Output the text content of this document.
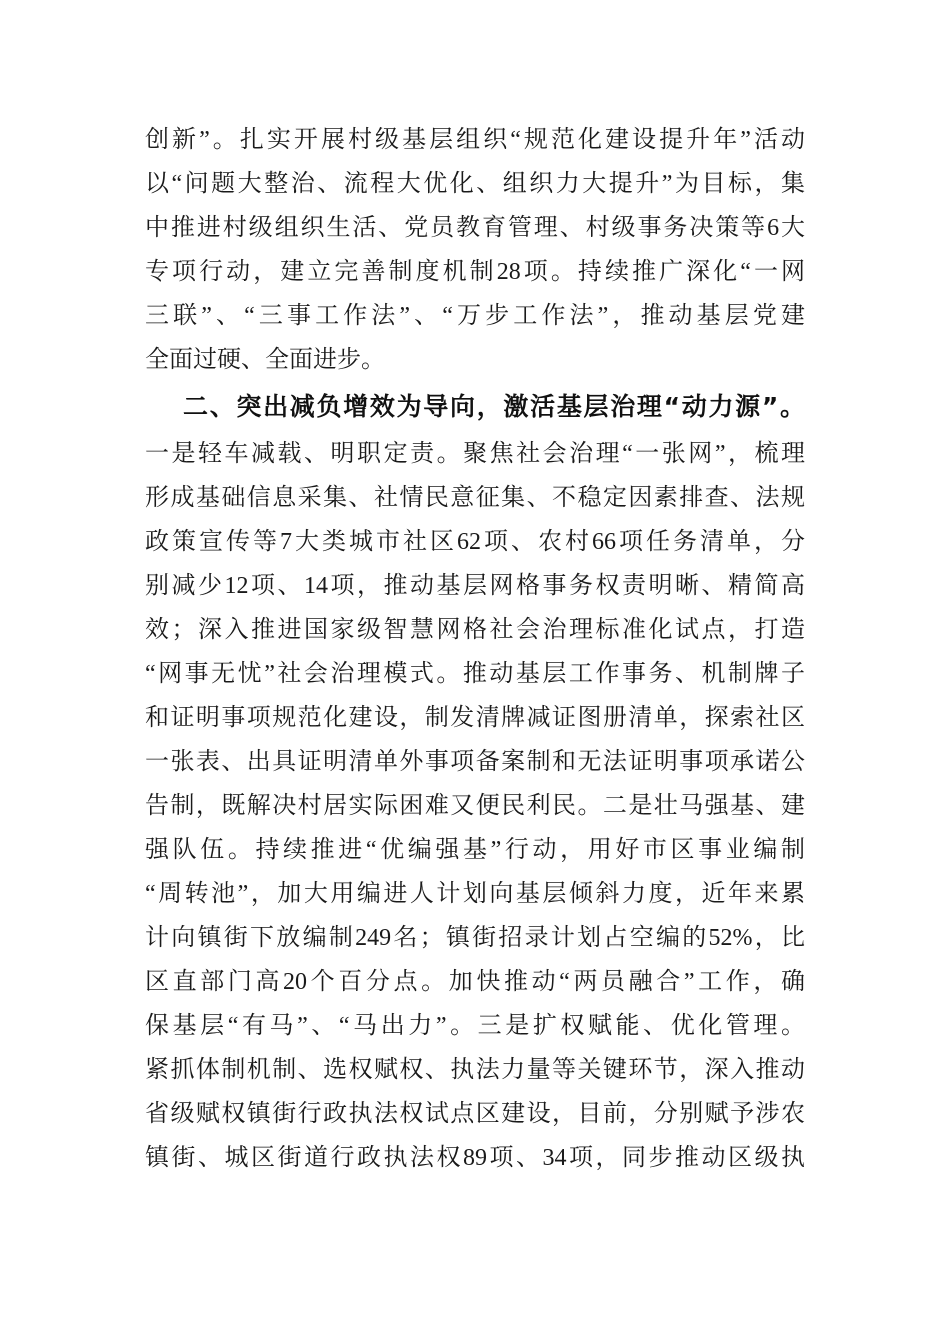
创新”。扎实开展村级基层组织“规范化建设提升年”活动
以“问题大整治、流程大优化、组织力大提升”为目标，集
中推进村级组织生活、党员教育管理、村级事务决策等6大
专项行动，建立完善制度机制28项。持续推广深化“一网
三联”、“三事工作法”、“万步工作法”，推动基层党建
全面过硬、全面进步。
二、突出减负增效为导向，激活基层治理“动力源”。
一是轻车减载、明职定责。聚焦社会治理“一张网”，梳理
形成基础信息采集、社情民意征集、不稳定因素排查、法规
政策宣传等7大类城市社区62项、农村66项任务清单，分
别减少12项、14项，推动基层网格事务权责明晰、精简高
效；深入推进国家级智慧网格社会治理标准化试点，打造
“网事无忧”社会治理模式。推动基层工作事务、机制牌子
和证明事项规范化建设，制发清牌减证图册清单，探索社区
一张表、出具证明清单外事项备案制和无法证明事项承诺公
告制，既解决村居实际困难又便民利民。二是壮马强基、建
强队伍。持续推进“优编强基”行动，用好市区事业编制
“周转池”，加大用编进人计划向基层倾斜力度，近年来累
计向镇街下放编制249名；镇街招录计划占空编的52%，比
区直部门高20个百分点。加快推动“两员融合”工作，确
保基层“有马”、“马出力”。三是扩权赋能、优化管理。
紧抓体制机制、选权赋权、执法力量等关键环节，深入推动
省级赋权镇街行政执法权试点区建设，目前，分别赋予涉农
镇街、城区街道行政执法权89项、34项，同步推动区级执
